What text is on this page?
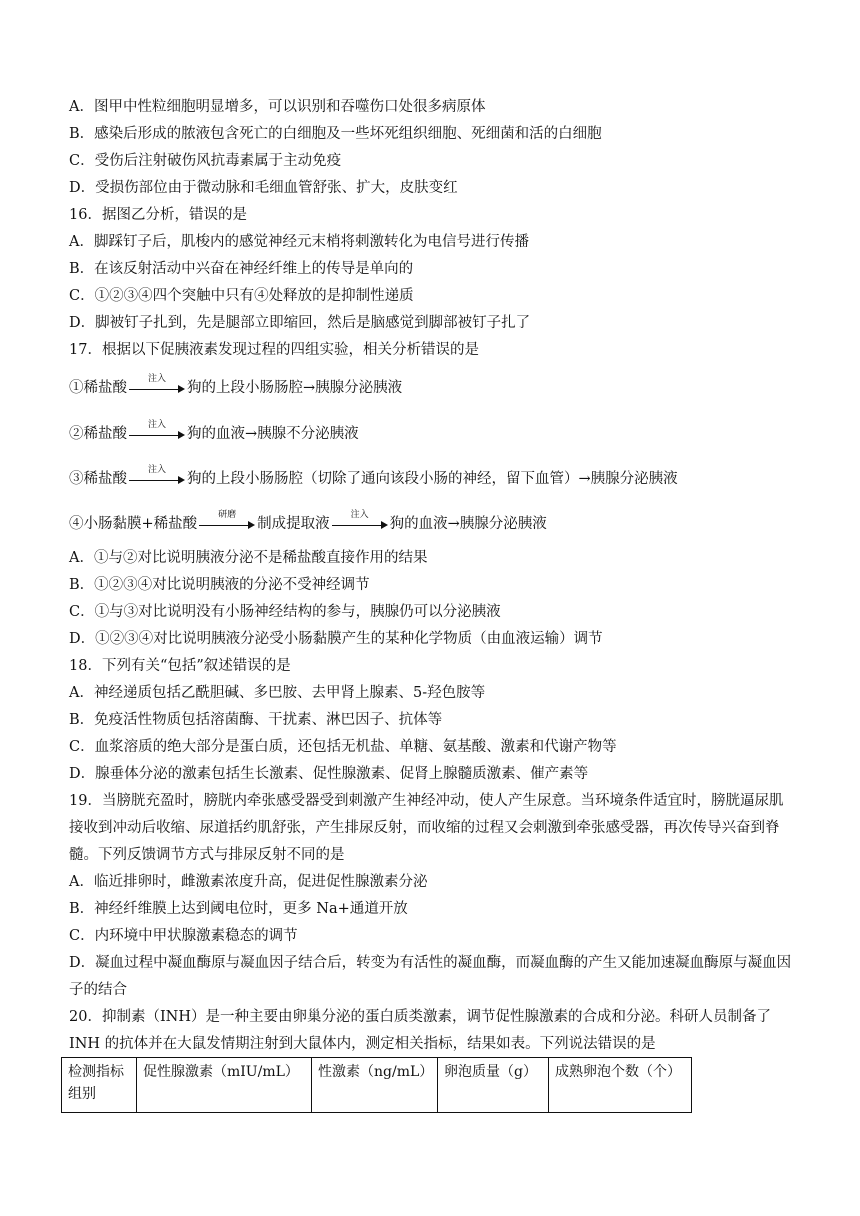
A．图甲中性粒细胞明显增多，可以识别和吞噬伤口处很多病原体
B．感染后形成的脓液包含死亡的白细胞及一些坏死组织细胞、死细菌和活的白细胞
C．受伤后注射破伤风抗毒素属于主动免疫
D．受损伤部位由于微动脉和毛细血管舒张、扩大，皮肤变红
16．据图乙分析，错误的是
A．脚踩钉子后，肌梭内的感觉神经元末梢将刺激转化为电信号进行传播
B．在该反射活动中兴奋在神经纤维上的传导是单向的
C．①②③④四个突触中只有④处释放的是抑制性递质
D．脚被钉子扎到，先是腿部立即缩回，然后是脑感觉到脚部被钉子扎了
17．根据以下促胰液素发现过程的四组实验，相关分析错误的是
①稀盐酸
注入
狗的上段小肠肠腔→胰腺分泌胰液
②稀盐酸
注入
狗的血液→胰腺不分泌胰液
③稀盐酸
注入
狗的上段小肠肠腔（切除了通向该段小肠的神经，留下血管）→胰腺分泌胰液
④小肠黏膜+稀盐酸
研磨
制成提取液
注入
狗的血液→胰腺分泌胰液
A．①与②对比说明胰液分泌不是稀盐酸直接作用的结果
B．①②③④对比说明胰液的分泌不受神经调节
C．①与③对比说明没有小肠神经结构的参与，胰腺仍可以分泌胰液
D．①②③④对比说明胰液分泌受小肠黏膜产生的某种化学物质（由血液运输）调节
18．下列有关“包括”叙述错误的是
A．神经递质包括乙酰胆碱、多巴胺、去甲肾上腺素、5-羟色胺等
B．免疫活性物质包括溶菌酶、干扰素、淋巴因子、抗体等
C．血浆溶质的绝大部分是蛋白质，还包括无机盐、单糖、氨基酸、激素和代谢产物等
D．腺垂体分泌的激素包括生长激素、促性腺激素、促肾上腺髓质激素、催产素等
19．当膀胱充盈时，膀胱内牵张感受器受到刺激产生神经冲动，使人产生尿意。当环境条件适宜时，膀胱逼尿肌接收到冲动后收缩、尿道括约肌舒张，产生排尿反射，而收缩的过程又会刺激到牵张感受器，再次传导兴奋到脊髓。下列反馈调节方式与排尿反射不同的是
A．临近排卵时，雌激素浓度升高，促进促性腺激素分泌
B．神经纤维膜上达到阈电位时，更多 Na+通道开放
C．内环境中甲状腺激素稳态的调节
D．凝血过程中凝血酶原与凝血因子结合后，转变为有活性的凝血酶，而凝血酶的产生又能加速凝血酶原与凝血因子的结合
20．抑制素（INH）是一种主要由卵巢分泌的蛋白质类激素，调节促性腺激素的合成和分泌。科研人员制备了INH 的抗体并在大鼠发情期注射到大鼠体内，测定相关指标，结果如表。下列说法错误的是
检测指标
组别
	促性腺激素（mIU/mL）	性激素（ng/mL）	卵泡质量（g）	成熟卵泡个数（个）
